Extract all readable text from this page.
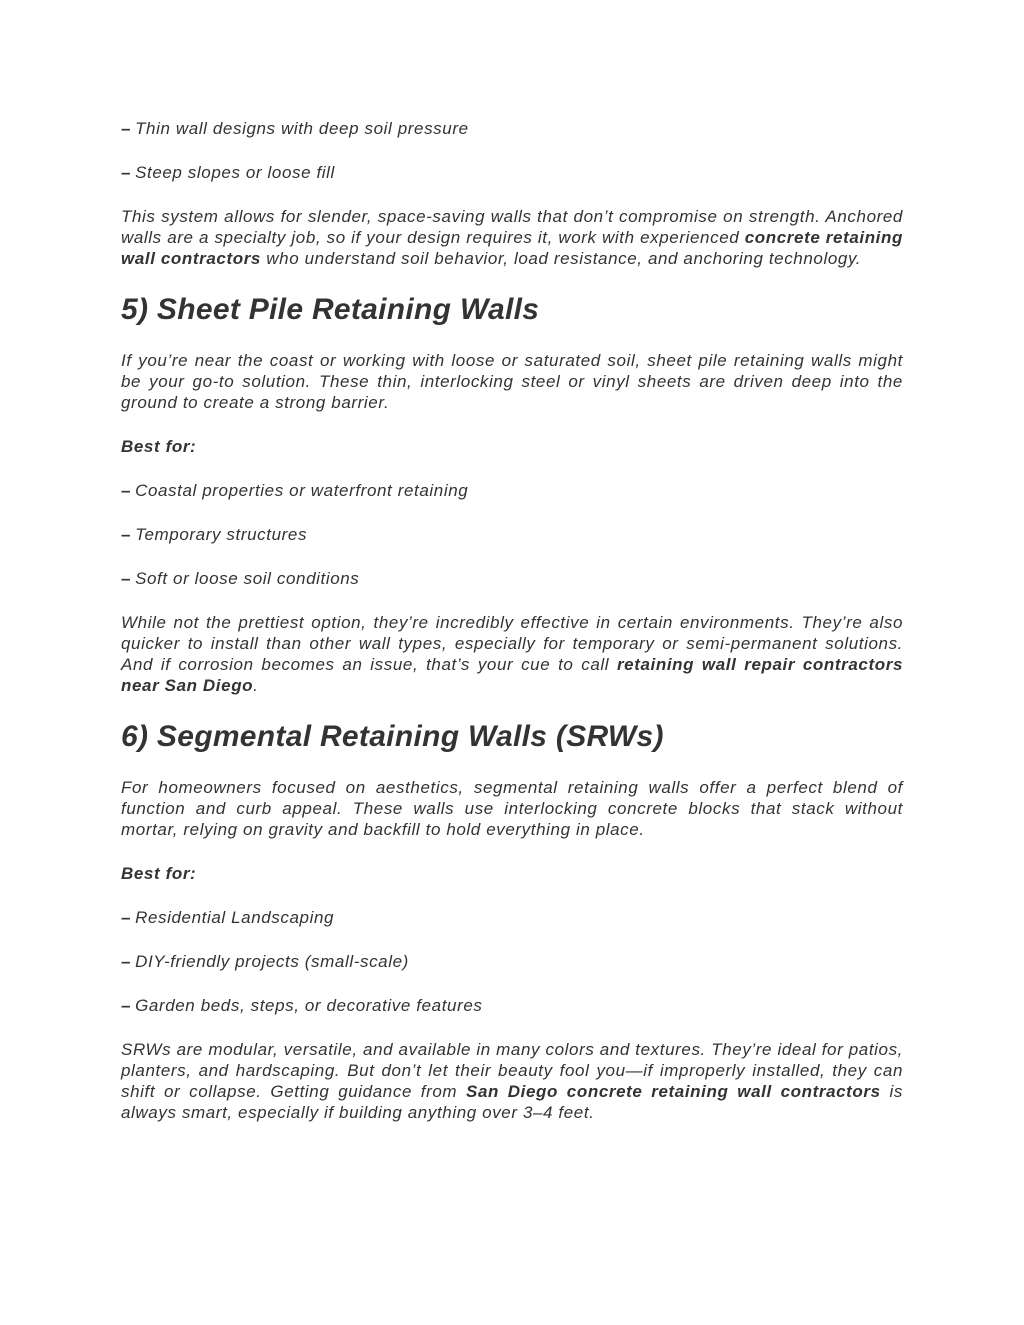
– Thin wall designs with deep soil pressure

– Steep slopes or loose fill

This system allows for slender, space-saving walls that don’t compromise on strength. Anchored walls are a specialty job, so if your design requires it, work with experienced concrete retaining wall contractors who understand soil behavior, load resistance, and anchoring technology.

5) Sheet Pile Retaining Walls

If you’re near the coast or working with loose or saturated soil, sheet pile retaining walls might be your go-to solution. These thin, interlocking steel or vinyl sheets are driven deep into the ground to create a strong barrier.

Best for:

– Coastal properties or waterfront retaining

– Temporary structures

– Soft or loose soil conditions

While not the prettiest option, they’re incredibly effective in certain environments. They’re also quicker to install than other wall types, especially for temporary or semi-permanent solutions. And if corrosion becomes an issue, that’s your cue to call retaining wall repair contractors near San Diego.

6) Segmental Retaining Walls (SRWs)

For homeowners focused on aesthetics, segmental retaining walls offer a perfect blend of function and curb appeal. These walls use interlocking concrete blocks that stack without mortar, relying on gravity and backfill to hold everything in place.

Best for:

– Residential Landscaping

– DIY-friendly projects (small-scale)

– Garden beds, steps, or decorative features

SRWs are modular, versatile, and available in many colors and textures. They’re ideal for patios, planters, and hardscaping. But don’t let their beauty fool you—if improperly installed, they can shift or collapse. Getting guidance from San Diego concrete retaining wall contractors is always smart, especially if building anything over 3–4 feet.
